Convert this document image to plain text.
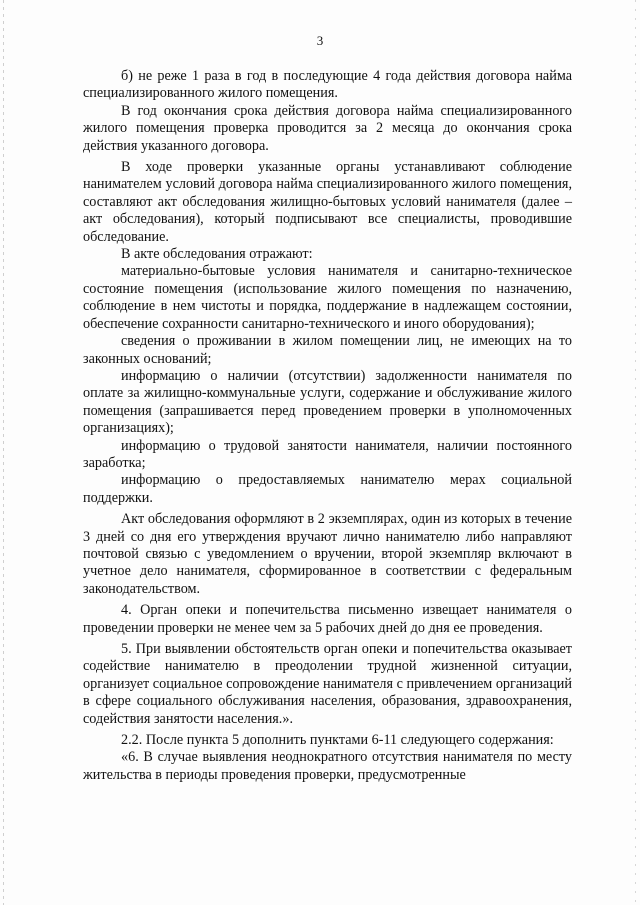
3

б) не реже 1 раза в год в последующие 4 года действия договора найма специализированного жилого помещения.

В год окончания срока действия договора найма специализированного жилого помещения проверка проводится за 2 месяца до окончания срока действия указанного договора.

В ходе проверки указанные органы устанавливают соблюдение нанимателем условий договора найма специализированного жилого помещения, составляют акт обследования жилищно-бытовых условий нанимателя (далее – акт обследования), который подписывают все специалисты, проводившие обследование.

В акте обследования отражают:

материально-бытовые условия нанимателя и санитарно-техническое состояние помещения (использование жилого помещения по назначению, соблюдение в нем чистоты и порядка, поддержание в надлежащем состоянии, обеспечение сохранности санитарно-технического и иного оборудования);

сведения о проживании в жилом помещении лиц, не имеющих на то законных оснований;

информацию о наличии (отсутствии) задолженности нанимателя по оплате за жилищно-коммунальные услуги, содержание и обслуживание жилого помещения (запрашивается перед проведением проверки в уполномоченных организациях);

информацию о трудовой занятости нанимателя, наличии постоянного заработка;

информацию о предоставляемых нанимателю мерах социальной поддержки.

Акт обследования оформляют в 2 экземплярах, один из которых в течение 3 дней со дня его утверждения вручают лично нанимателю либо направляют почтовой связью с уведомлением о вручении, второй экземпляр включают в учетное дело нанимателя, сформированное в соответствии с федеральным законодательством.

4. Орган опеки и попечительства письменно извещает нанимателя о проведении проверки не менее чем за 5 рабочих дней до дня ее проведения.

5. При выявлении обстоятельств орган опеки и попечительства оказывает содействие нанимателю в преодолении трудной жизненной ситуации, организует социальное сопровождение нанимателя с привлечением организаций в сфере социального обслуживания населения, образования, здравоохранения, содействия занятости населения.».

2.2. После пункта 5 дополнить пунктами 6-11 следующего содержания:

«6. В случае выявления неоднократного отсутствия нанимателя по месту жительства в периоды проведения проверки, предусмотренные
